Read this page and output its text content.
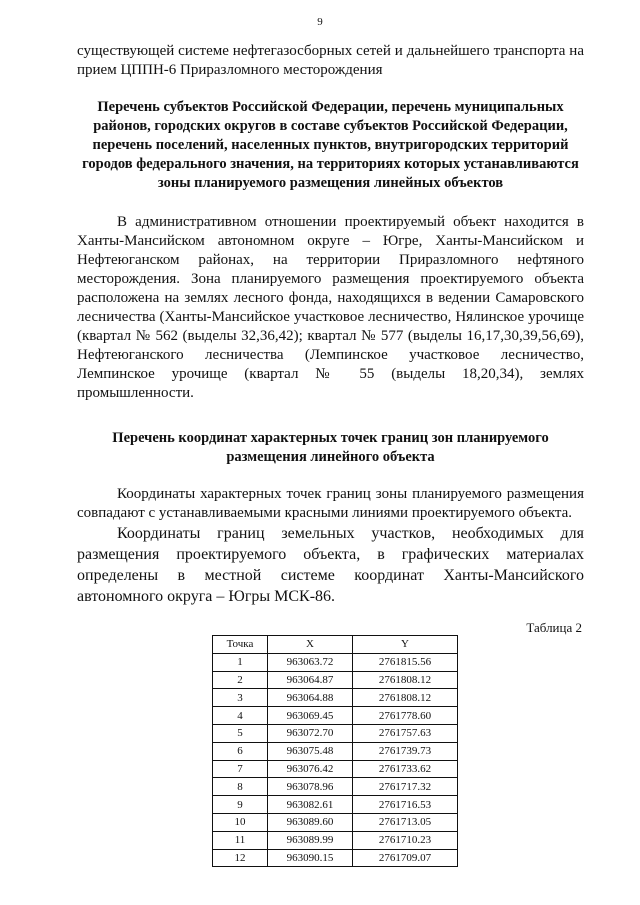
9

существующей системе нефтегазосборных сетей и дальнейшего транспорта на прием ЦППН-6 Приразломного месторождения

Перечень субъектов Российской Федерации, перечень муниципальных районов, городских округов в составе субъектов Российской Федерации, перечень поселений, населенных пунктов, внутригородских территорий городов федерального значения, на территориях которых устанавливаются зоны планируемого размещения линейных объектов

В административном отношении проектируемый объект находится в Ханты-Мансийском автономном округе – Югре, Ханты-Мансийском и Нефтеюганском районах, на территории Приразломного нефтяного месторождения. Зона планируемого размещения проектируемого объекта расположена на землях лесного фонда, находящихся в ведении Самаровского лесничества (Ханты-Мансийское участковое лесничество, Нялинское урочище (квартал № 562 (выделы 32,36,42); квартал № 577 (выделы 16,17,30,39,56,69), Нефтеюганского лесничества (Лемпинское участковое лесничество, Лемпинское урочище (квартал № 55 (выделы 18,20,34), землях промышленности.

Перечень координат характерных точек границ зон планируемого размещения линейного объекта

Координаты характерных точек границ зоны планируемого размещения совпадают с устанавливаемыми красными линиями проектируемого объекта.

Координаты границ земельных участков, необходимых для размещения проектируемого объекта, в графических материалах определены в местной системе координат Ханты-Мансийского автономного округа – Югры МСК-86.

Таблица 2

Точка	X	Y
1	963063.72	2761815.56
2	963064.87	2761808.12
3	963064.88	2761808.12
4	963069.45	2761778.60
5	963072.70	2761757.63
6	963075.48	2761739.73
7	963076.42	2761733.62
8	963078.96	2761717.32
9	963082.61	2761716.53
10	963089.60	2761713.05
11	963089.99	2761710.23
12	963090.15	2761709.07
